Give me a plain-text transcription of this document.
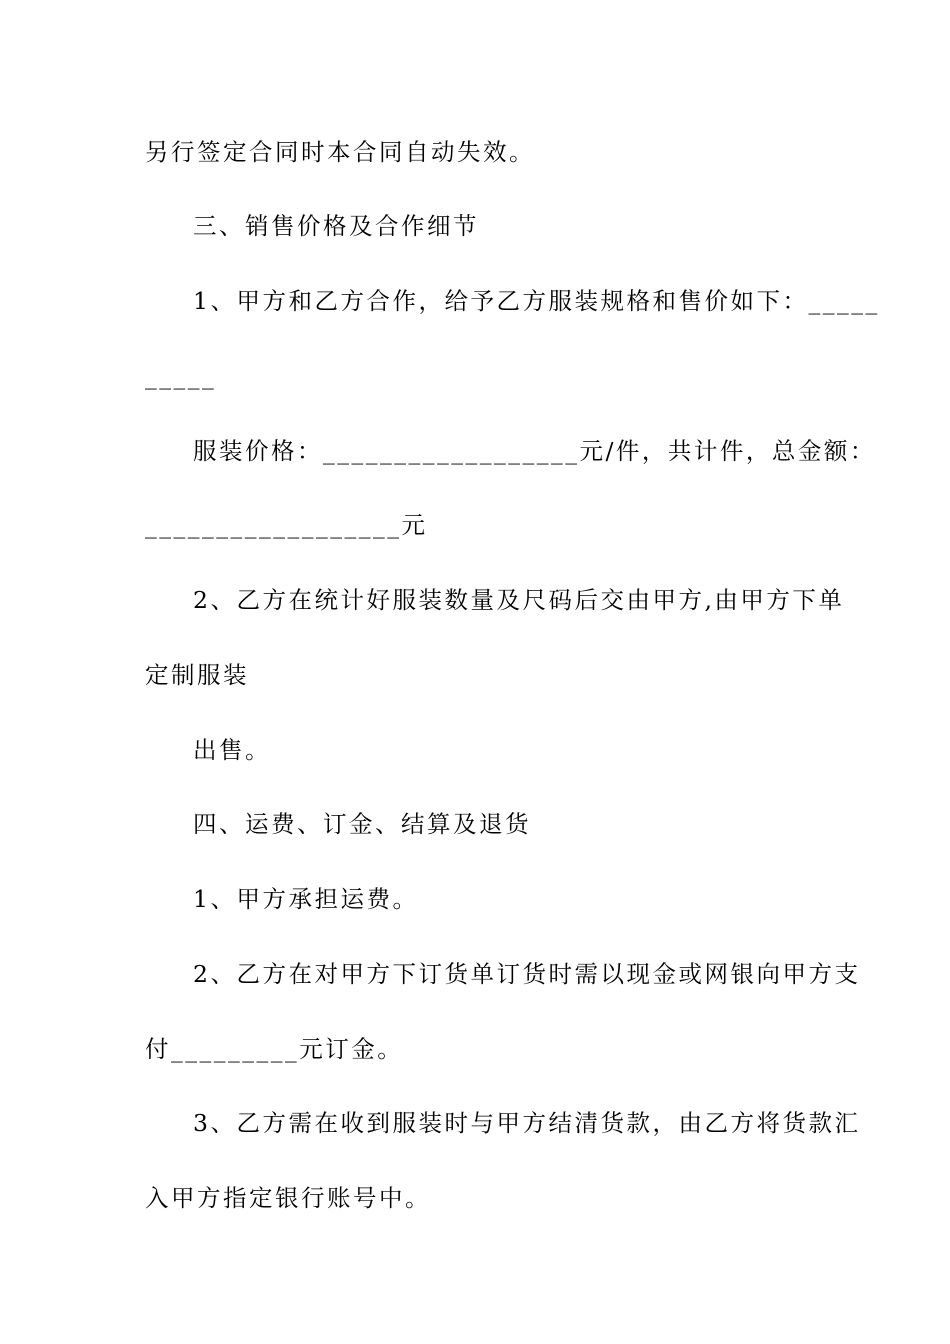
另行签定合同时本合同自动失效。
三、销售价格及合作细节
1、甲方和乙方合作，给予乙方服装规格和售价如下：_____
_____
服装价格：__________________元/件，共计件，总金额：
__________________元
2、乙方在统计好服装数量及尺码后交由甲方,由甲方下单
定制服装
出售。
四、运费、订金、结算及退货
1、甲方承担运费。
2、乙方在对甲方下订货单订货时需以现金或网银向甲方支
付_________元订金。
3、乙方需在收到服装时与甲方结清货款，由乙方将货款汇
入甲方指定银行账号中。
